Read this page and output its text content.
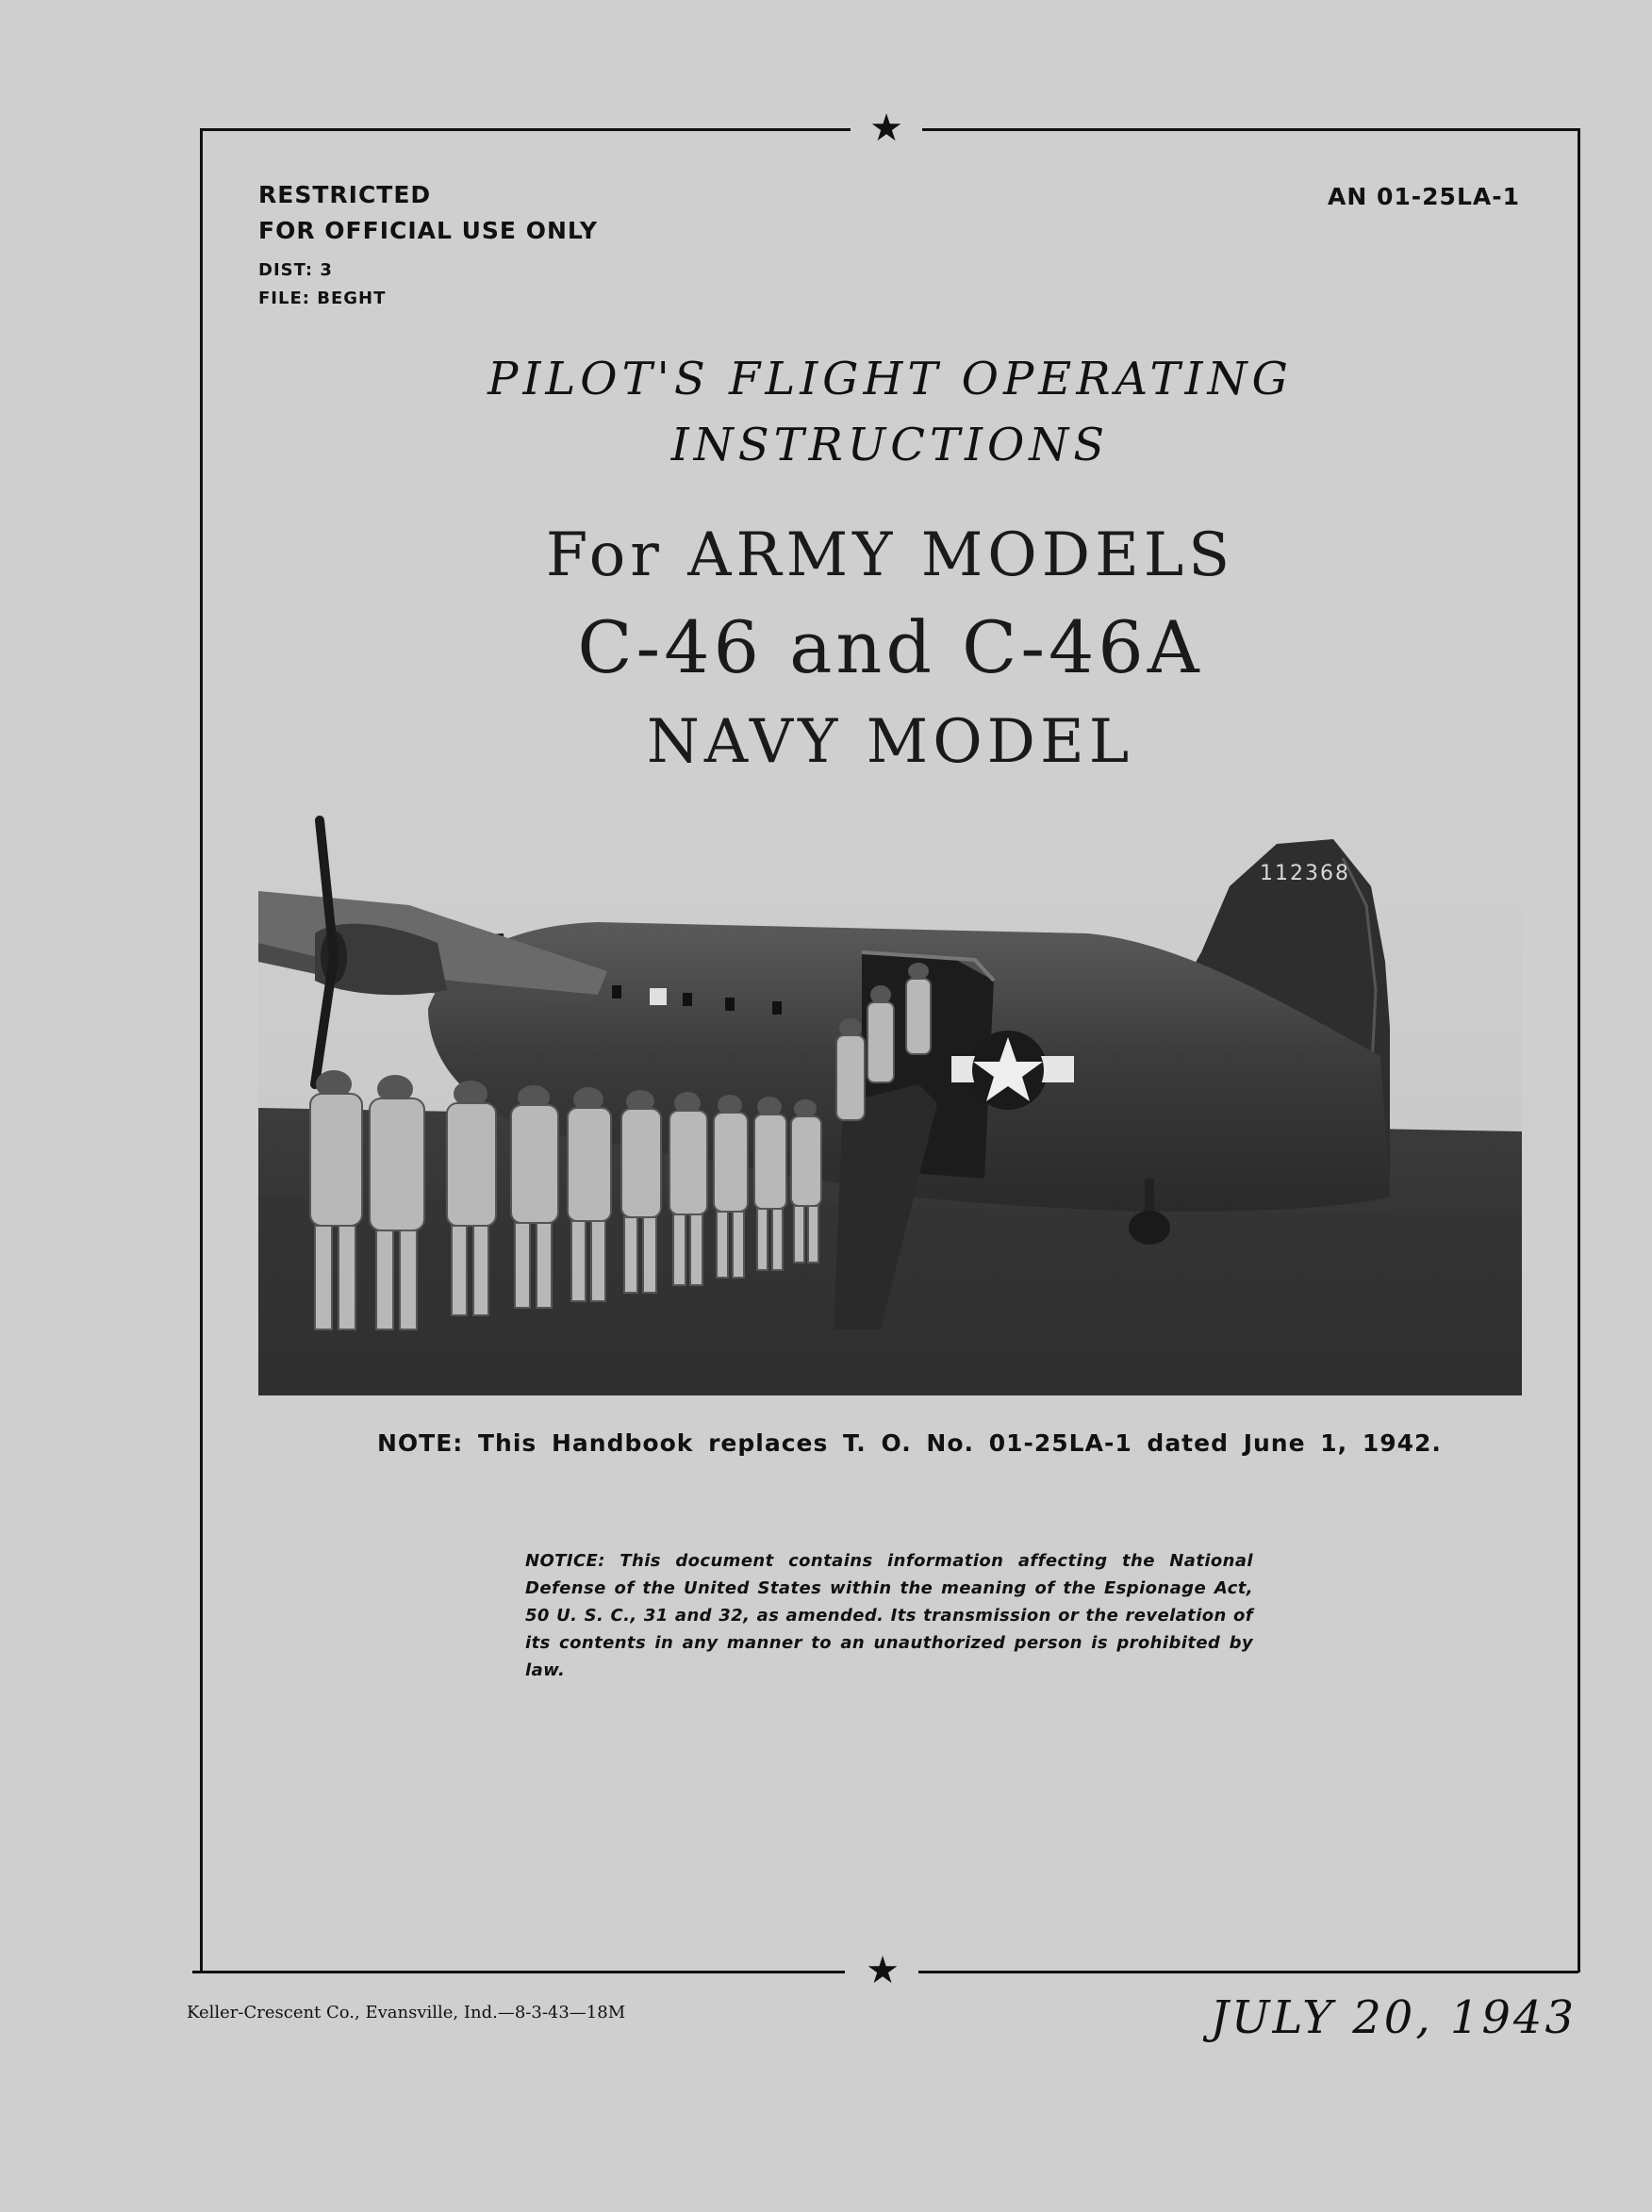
★
★
RESTRICTED
FOR OFFICIAL USE ONLY
DIST: 3
FILE: BEGHT
AN 01-25LA-1
PILOT'S FLIGHT OPERATING
INSTRUCTIONS
For ARMY MODELS
C-46 and C-46A
NAVY MODEL
112368
NOTE: This Handbook replaces T. O. No. 01-25LA-1 dated June 1, 1942.
NOTICE: This document contains information affecting the National Defense of the United States within the meaning of the Espionage Act, 50 U. S. C., 31 and 32, as amended. Its transmission or the revelation of its contents in any manner to an unauthorized person is prohibited by law.
Keller-Crescent Co., Evansville, Ind.—8-3-43—18M	JULY 20, 1943
